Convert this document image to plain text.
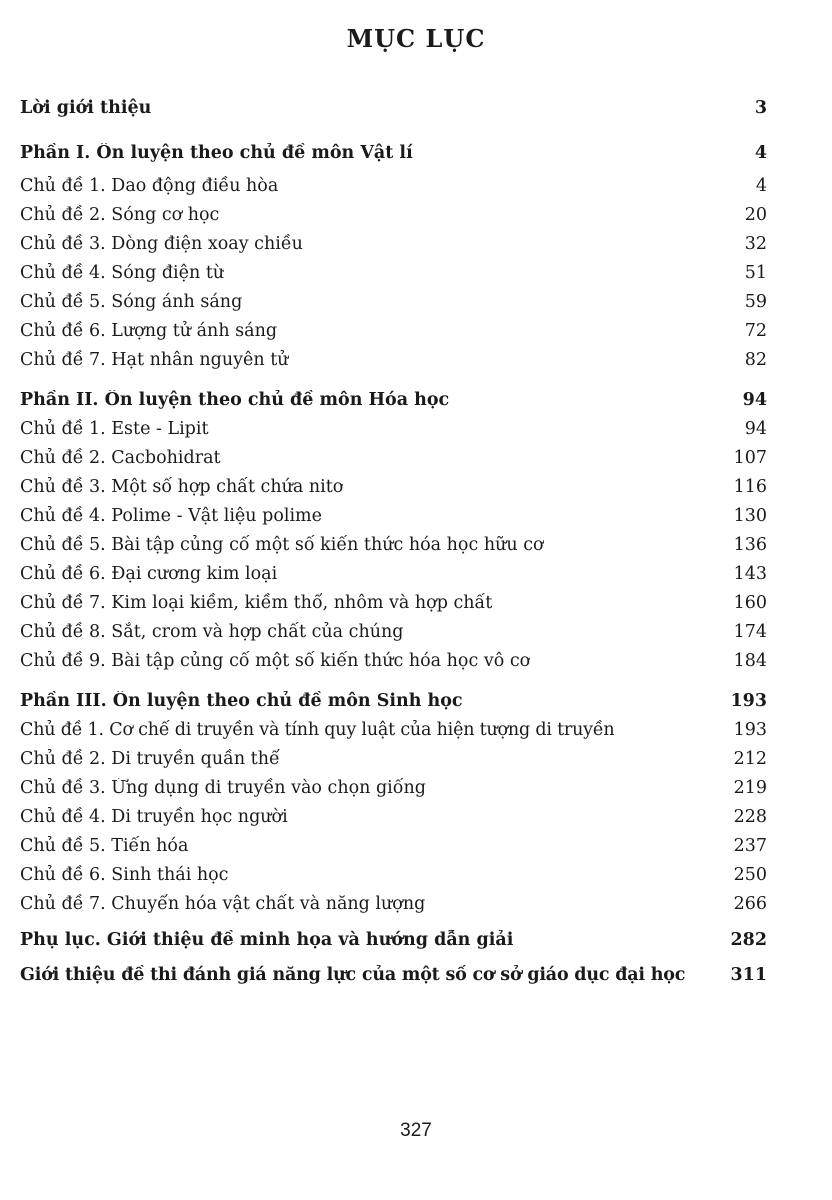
MỤC LỤC
Lời giới thiệu	3
Phần I. Ôn luyện theo chủ đề môn Vật lí	4
Chủ đề 1. Dao động điều hòa	4
Chủ đề 2. Sóng cơ học	20
Chủ đề 3. Dòng điện xoay chiều	32
Chủ đề 4. Sóng điện từ	51
Chủ đề 5. Sóng ánh sáng	59
Chủ đề 6. Lượng tử ánh sáng	72
Chủ đề 7. Hạt nhân nguyên tử	82
Phần II. Ôn luyện theo chủ đề môn Hóa học	94
Chủ đề 1. Este - Lipit	94
Chủ đề 2. Cacbohidrat	107
Chủ đề 3. Một số hợp chất chứa nitơ	116
Chủ đề 4. Polime - Vật liệu polime	130
Chủ đề 5. Bài tập củng cố một số kiến thức hóa học hữu cơ	136
Chủ đề 6. Đại cương kim loại	143
Chủ đề 7. Kim loại kiềm, kiềm thổ, nhôm và hợp chất	160
Chủ đề 8. Sắt, crom và hợp chất của chúng	174
Chủ đề 9. Bài tập củng cố một số kiến thức hóa học vô cơ	184
Phần III. Ôn luyện theo chủ đề môn Sinh học	193
Chủ đề 1. Cơ chế di truyền và tính quy luật của hiện tượng di truyền	193
Chủ đề 2. Di truyền quần thể	212
Chủ đề 3. Ứng dụng di truyền vào chọn giống	219
Chủ đề 4. Di truyền học người	228
Chủ đề 5. Tiến hóa	237
Chủ đề 6. Sinh thái học	250
Chủ đề 7. Chuyển hóa vật chất và năng lượng	266
Phụ lục. Giới thiệu đề minh họa và hướng dẫn giải	282
Giới thiệu đề thi đánh giá năng lực của một số cơ sở giáo dục đại học	311
327
